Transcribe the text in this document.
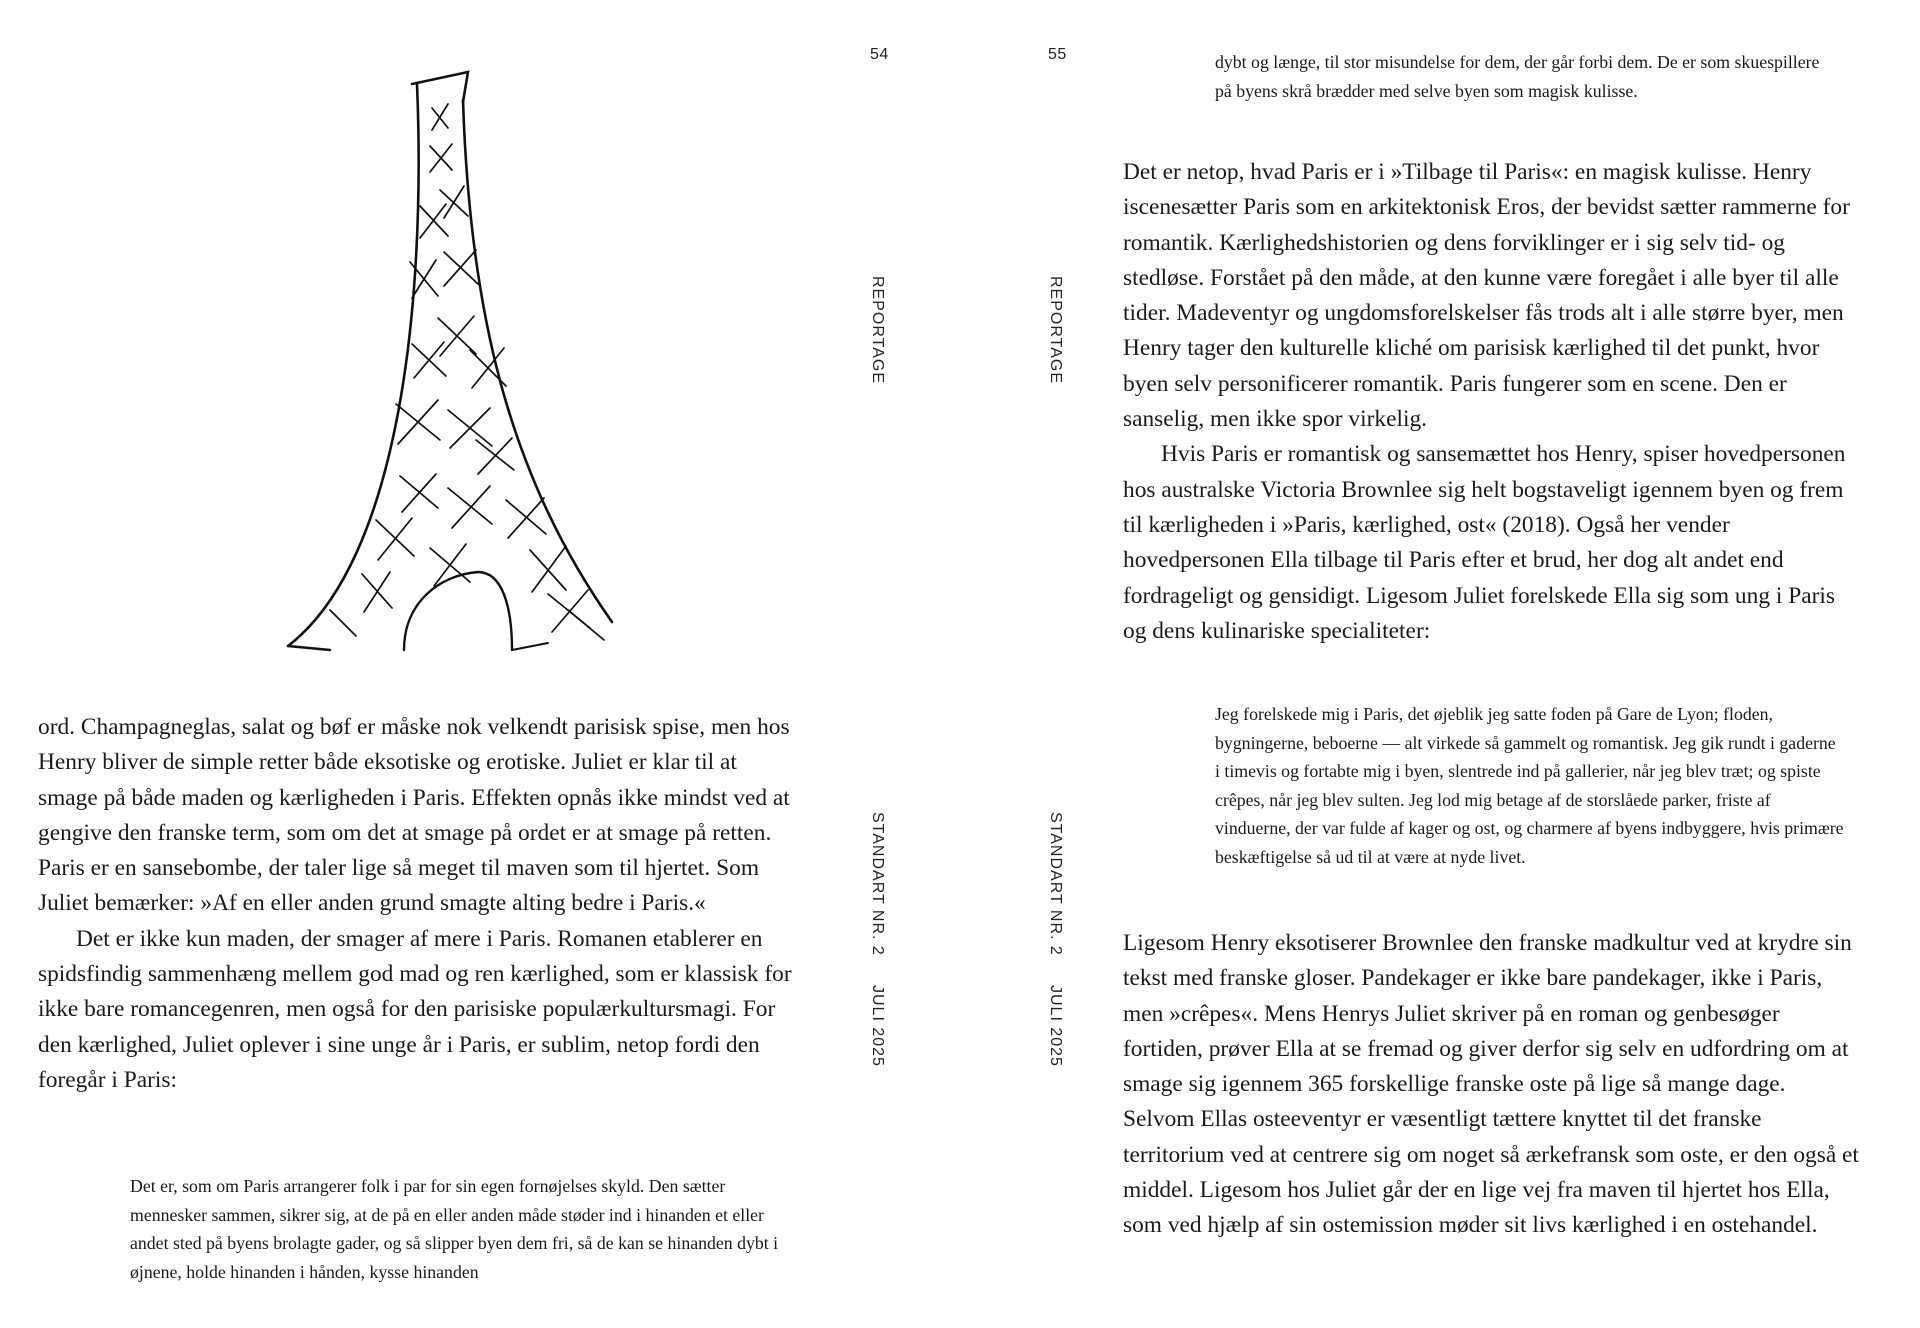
54
REPORTAGE
STANDART NR. 2
JULI 2025

ord. Champagneglas, salat og bøf er måske nok velkendt parisisk spise, men hos Henry bliver de simple retter både eksotiske og erotiske. Juliet er klar til at smage på både maden og kærligheden i Paris. Effekten opnås ikke mindst ved at gengive den franske term, som om det at smage på ordet er at smage på retten. Paris er en sansebombe, der taler lige så meget til maven som til hjertet. Som Juliet bemærker: »Af en eller anden grund smagte alting bedre i Paris.«

Det er ikke kun maden, der smager af mere i Paris. Romanen etablerer en spidsfindig sammenhæng mellem god mad og ren kærlighed, som er klassisk for ikke bare romancegenren, men også for den parisiske populærkultursmagi. For den kærlighed, Juliet oplever i sine unge år i Paris, er sublim, netop fordi den foregår i Paris:

Det er, som om Paris arrangerer folk i par for sin egen fornøjelses skyld. Den sætter mennesker sammen, sikrer sig, at de på en eller anden måde støder ind i hinanden et eller andet sted på byens brolagte gader, og så slipper byen dem fri, så de kan se hinanden dybt i øjnene, holde hinanden i hånden, kysse hinanden
55
REPORTAGE
STANDART NR. 2
JULI 2025
dybt og længe, til stor misundelse for dem, der går forbi dem. De er som skuespillere på byens skrå brædder med selve byen som magisk kulisse.

Det er netop, hvad Paris er i »Tilbage til Paris«: en magisk kulisse. Henry iscenesætter Paris som en arkitektonisk Eros, der bevidst sætter rammerne for romantik. Kærlighedshistorien og dens forviklinger er i sig selv tid- og stedløse. Forstået på den måde, at den kunne være foregået i alle byer til alle tider. Madeventyr og ungdomsforelskelser fås trods alt i alle større byer, men Henry tager den kulturelle kliché om parisisk kærlighed til det punkt, hvor byen selv personificerer romantik. Paris fungerer som en scene. Den er sanselig, men ikke spor virkelig.

Hvis Paris er romantisk og sansemættet hos Henry, spiser hovedpersonen hos australske Victoria Brownlee sig helt bogstaveligt igennem byen og frem til kærligheden i »Paris, kærlighed, ost« (2018). Også her vender hovedpersonen Ella tilbage til Paris efter et brud, her dog alt andet end fordrageligt og gensidigt. Ligesom Juliet forelskede Ella sig som ung i Paris og dens kulinariske specialiteter:

Jeg forelskede mig i Paris, det øjeblik jeg satte foden på Gare de Lyon; floden, bygningerne, beboerne — alt virkede så gammelt og romantisk. Jeg gik rundt i gaderne i timevis og fortabte mig i byen, slentrede ind på gallerier, når jeg blev træt; og spiste crêpes, når jeg blev sulten. Jeg lod mig betage af de storslåede parker, friste af vinduerne, der var fulde af kager og ost, og charmere af byens indbyggere, hvis primære beskæftigelse så ud til at være at nyde livet.

Ligesom Henry eksotiserer Brownlee den franske madkultur ved at krydre sin tekst med franske gloser. Pandekager er ikke bare pandekager, ikke i Paris, men »crêpes«. Mens Henrys Juliet skriver på en roman og genbesøger fortiden, prøver Ella at se fremad og giver derfor sig selv en udfordring om at smage sig igennem 365 forskellige franske oste på lige så mange dage. Selvom Ellas osteeventyr er væsentligt tættere knyttet til det franske territorium ved at centrere sig om noget så ærkefransk som oste, er den også et middel. Ligesom hos Juliet går der en lige vej fra maven til hjertet hos Ella, som ved hjælp af sin ostemission møder sit livs kærlighed i en ostehandel.
